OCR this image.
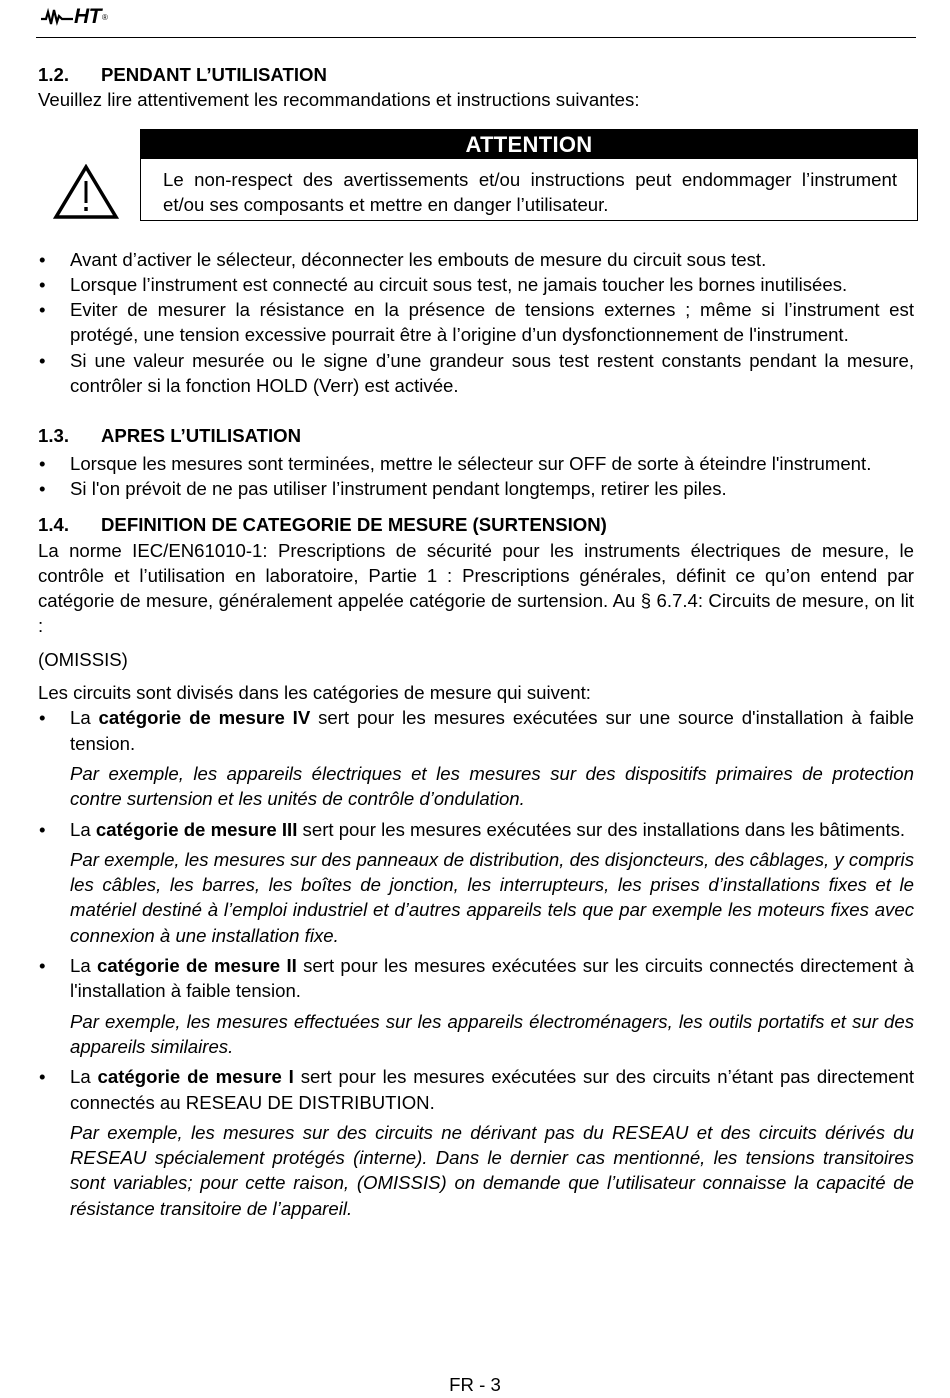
HT ®
1.2. PENDANT L’UTILISATION

Veuillez lire attentivement les recommandations et instructions suivantes:

ATTENTION
Le non-respect des avertissements et/ou instructions peut endommager l’instrument et/ou ses composants et mettre en danger l’utilisateur.
• Avant d’activer le sélecteur, déconnecter les embouts de mesure du circuit sous test.
• Lorsque l’instrument est connecté au circuit sous test, ne jamais toucher les bornes inutilisées.
• Eviter de mesurer la résistance en la présence de tensions externes ; même si l’instrument est protégé, une tension excessive pourrait être à l’origine d’un dysfonctionnement de l'instrument.
• Si une valeur mesurée ou le signe d’une grandeur sous test restent constants pendant la mesure, contrôler si la fonction HOLD (Verr) est activée.
1.3. APRES L’UTILISATION
• Lorsque les mesures sont terminées, mettre le sélecteur sur OFF de sorte à éteindre l'instrument.
• Si l'on prévoit de ne pas utiliser l’instrument pendant longtemps, retirer les piles.
1.4. DEFINITION DE CATEGORIE DE MESURE (SURTENSION)

La norme IEC/EN61010-1: Prescriptions de sécurité pour les instruments électriques de mesure, le contrôle et l’utilisation en laboratoire, Partie 1 : Prescriptions générales, définit ce qu’on entend par catégorie de mesure, généralement appelée catégorie de surtension. Au § 6.7.4: Circuits de mesure, on lit :

(OMISSIS)

Les circuits sont divisés dans les catégories de mesure qui suivent:

• La catégorie de mesure IV sert pour les mesures exécutées sur une source d'installation à faible tension.
Par exemple, les appareils électriques et les mesures sur des dispositifs primaires de protection contre surtension et les unités de contrôle d’ondulation.
• La catégorie de mesure III sert pour les mesures exécutées sur des installations dans les bâtiments.
Par exemple, les mesures sur des panneaux de distribution, des disjoncteurs, des câblages, y compris les câbles, les barres, les boîtes de jonction, les interrupteurs, les prises d’installations fixes et le matériel destiné à l’emploi industriel et d’autres appareils tels que par exemple les moteurs fixes avec connexion à une installation fixe.
• La catégorie de mesure II sert pour les mesures exécutées sur les circuits connectés directement à l'installation à faible tension.
Par exemple, les mesures effectuées sur les appareils électroménagers, les outils portatifs et sur des appareils similaires.
• La catégorie de mesure I sert pour les mesures exécutées sur des circuits n’étant pas directement connectés au RESEAU DE DISTRIBUTION.
Par exemple, les mesures sur des circuits ne dérivant pas du RESEAU et des circuits dérivés du RESEAU spécialement protégés (interne). Dans le dernier cas mentionné, les tensions transitoires sont variables; pour cette raison, (OMISSIS) on demande que l’utilisateur connaisse la capacité de résistance transitoire de l’appareil.
FR - 3
